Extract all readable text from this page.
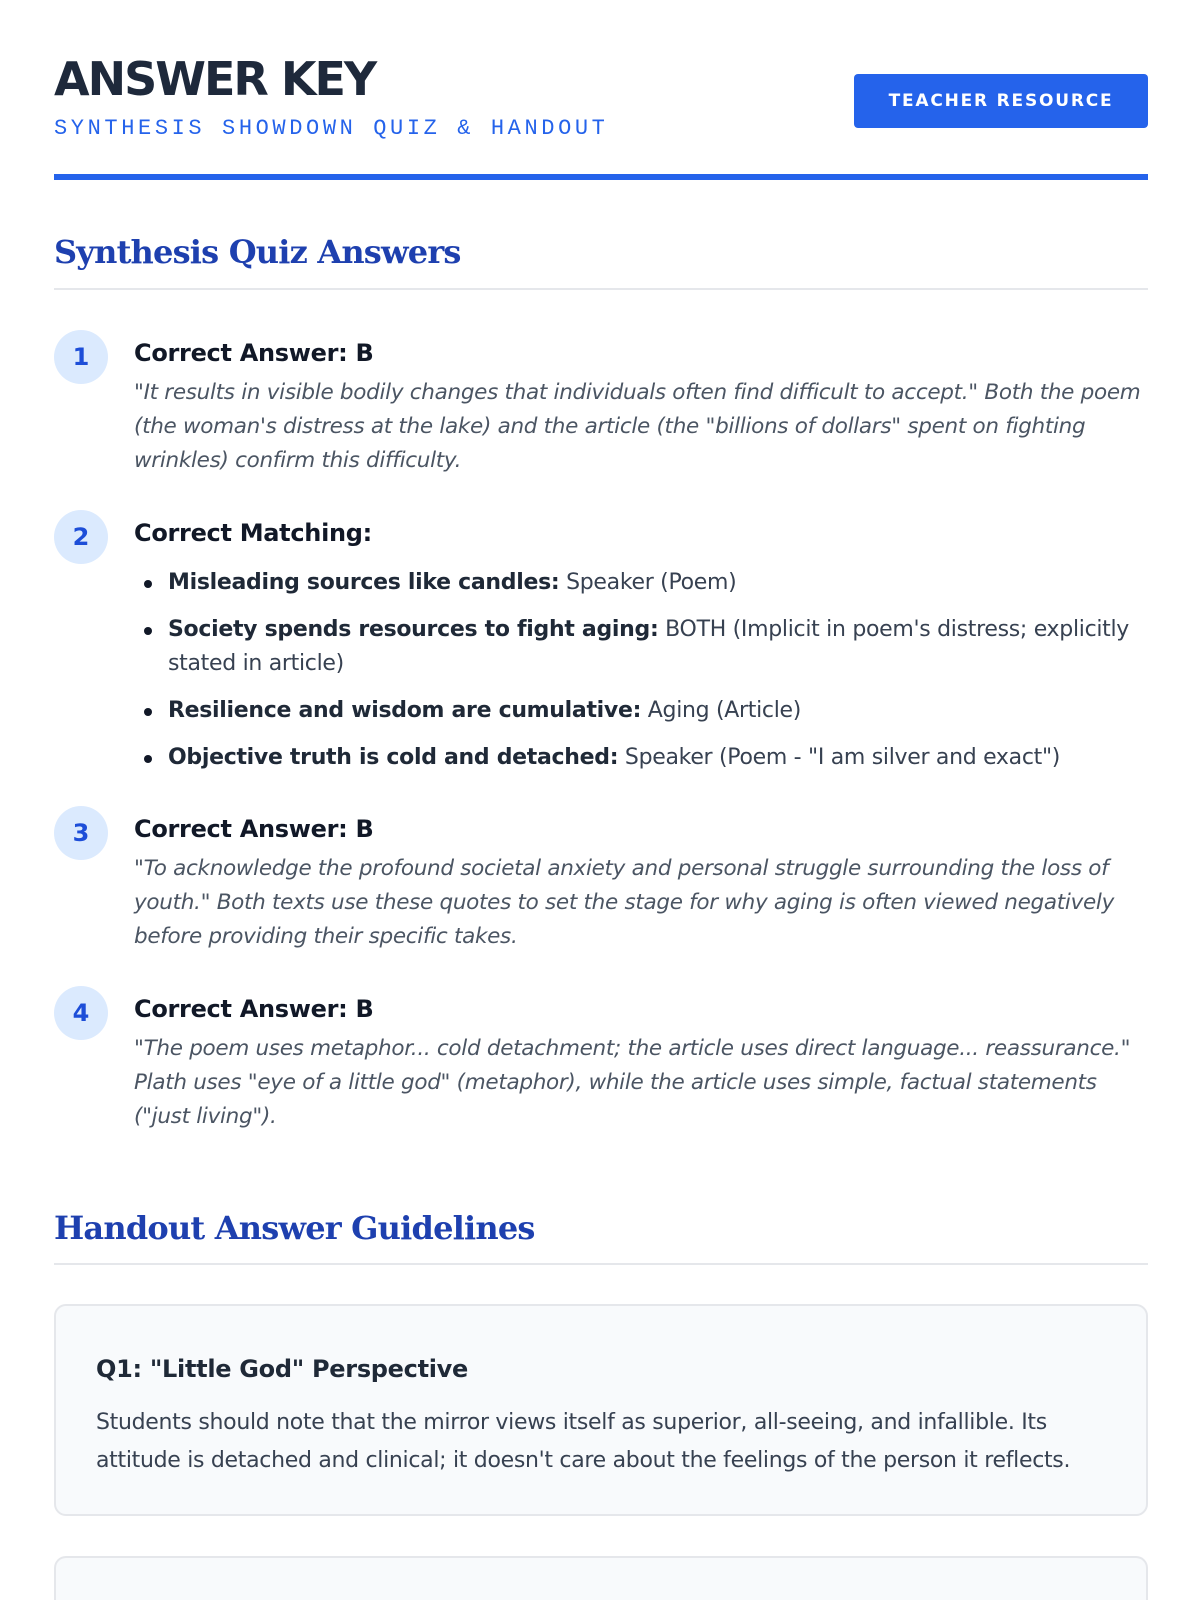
ANSWER KEY
SYNTHESIS SHOWDOWN QUIZ & HANDOUT
TEACHER RESOURCE
Synthesis Quiz Answers
1	Correct Answer: B

"It results in visible bodily changes that individuals often find difficult to accept." Both the poem (the woman's distress at the lake) and the article (the "billions of dollars" spent on fighting wrinkles) confirm this difficulty.

2	Correct Matching:
Misleading sources like candles: Speaker (Poem)
Society spends resources to fight aging: BOTH (Implicit in poem's distress; explicitly stated in article)
Resilience and wisdom are cumulative: Aging (Article)
Objective truth is cold and detached: Speaker (Poem - "I am silver and exact")
3	Correct Answer: B

"To acknowledge the profound societal anxiety and personal struggle surrounding the loss of youth." Both texts use these quotes to set the stage for why aging is often viewed negatively before providing their specific takes.

4	Correct Answer: B

"The poem uses metaphor... cold detachment; the article uses direct language... reassurance." Plath uses "eye of a little god" (metaphor), while the article uses simple, factual statements ("just living").

Handout Answer Guidelines
Q1: "Little God" Perspective

Students should note that the mirror views itself as superior, all-seeing, and infallible. Its attitude is detached and clinical; it doesn't care about the feelings of the person it reflects.
